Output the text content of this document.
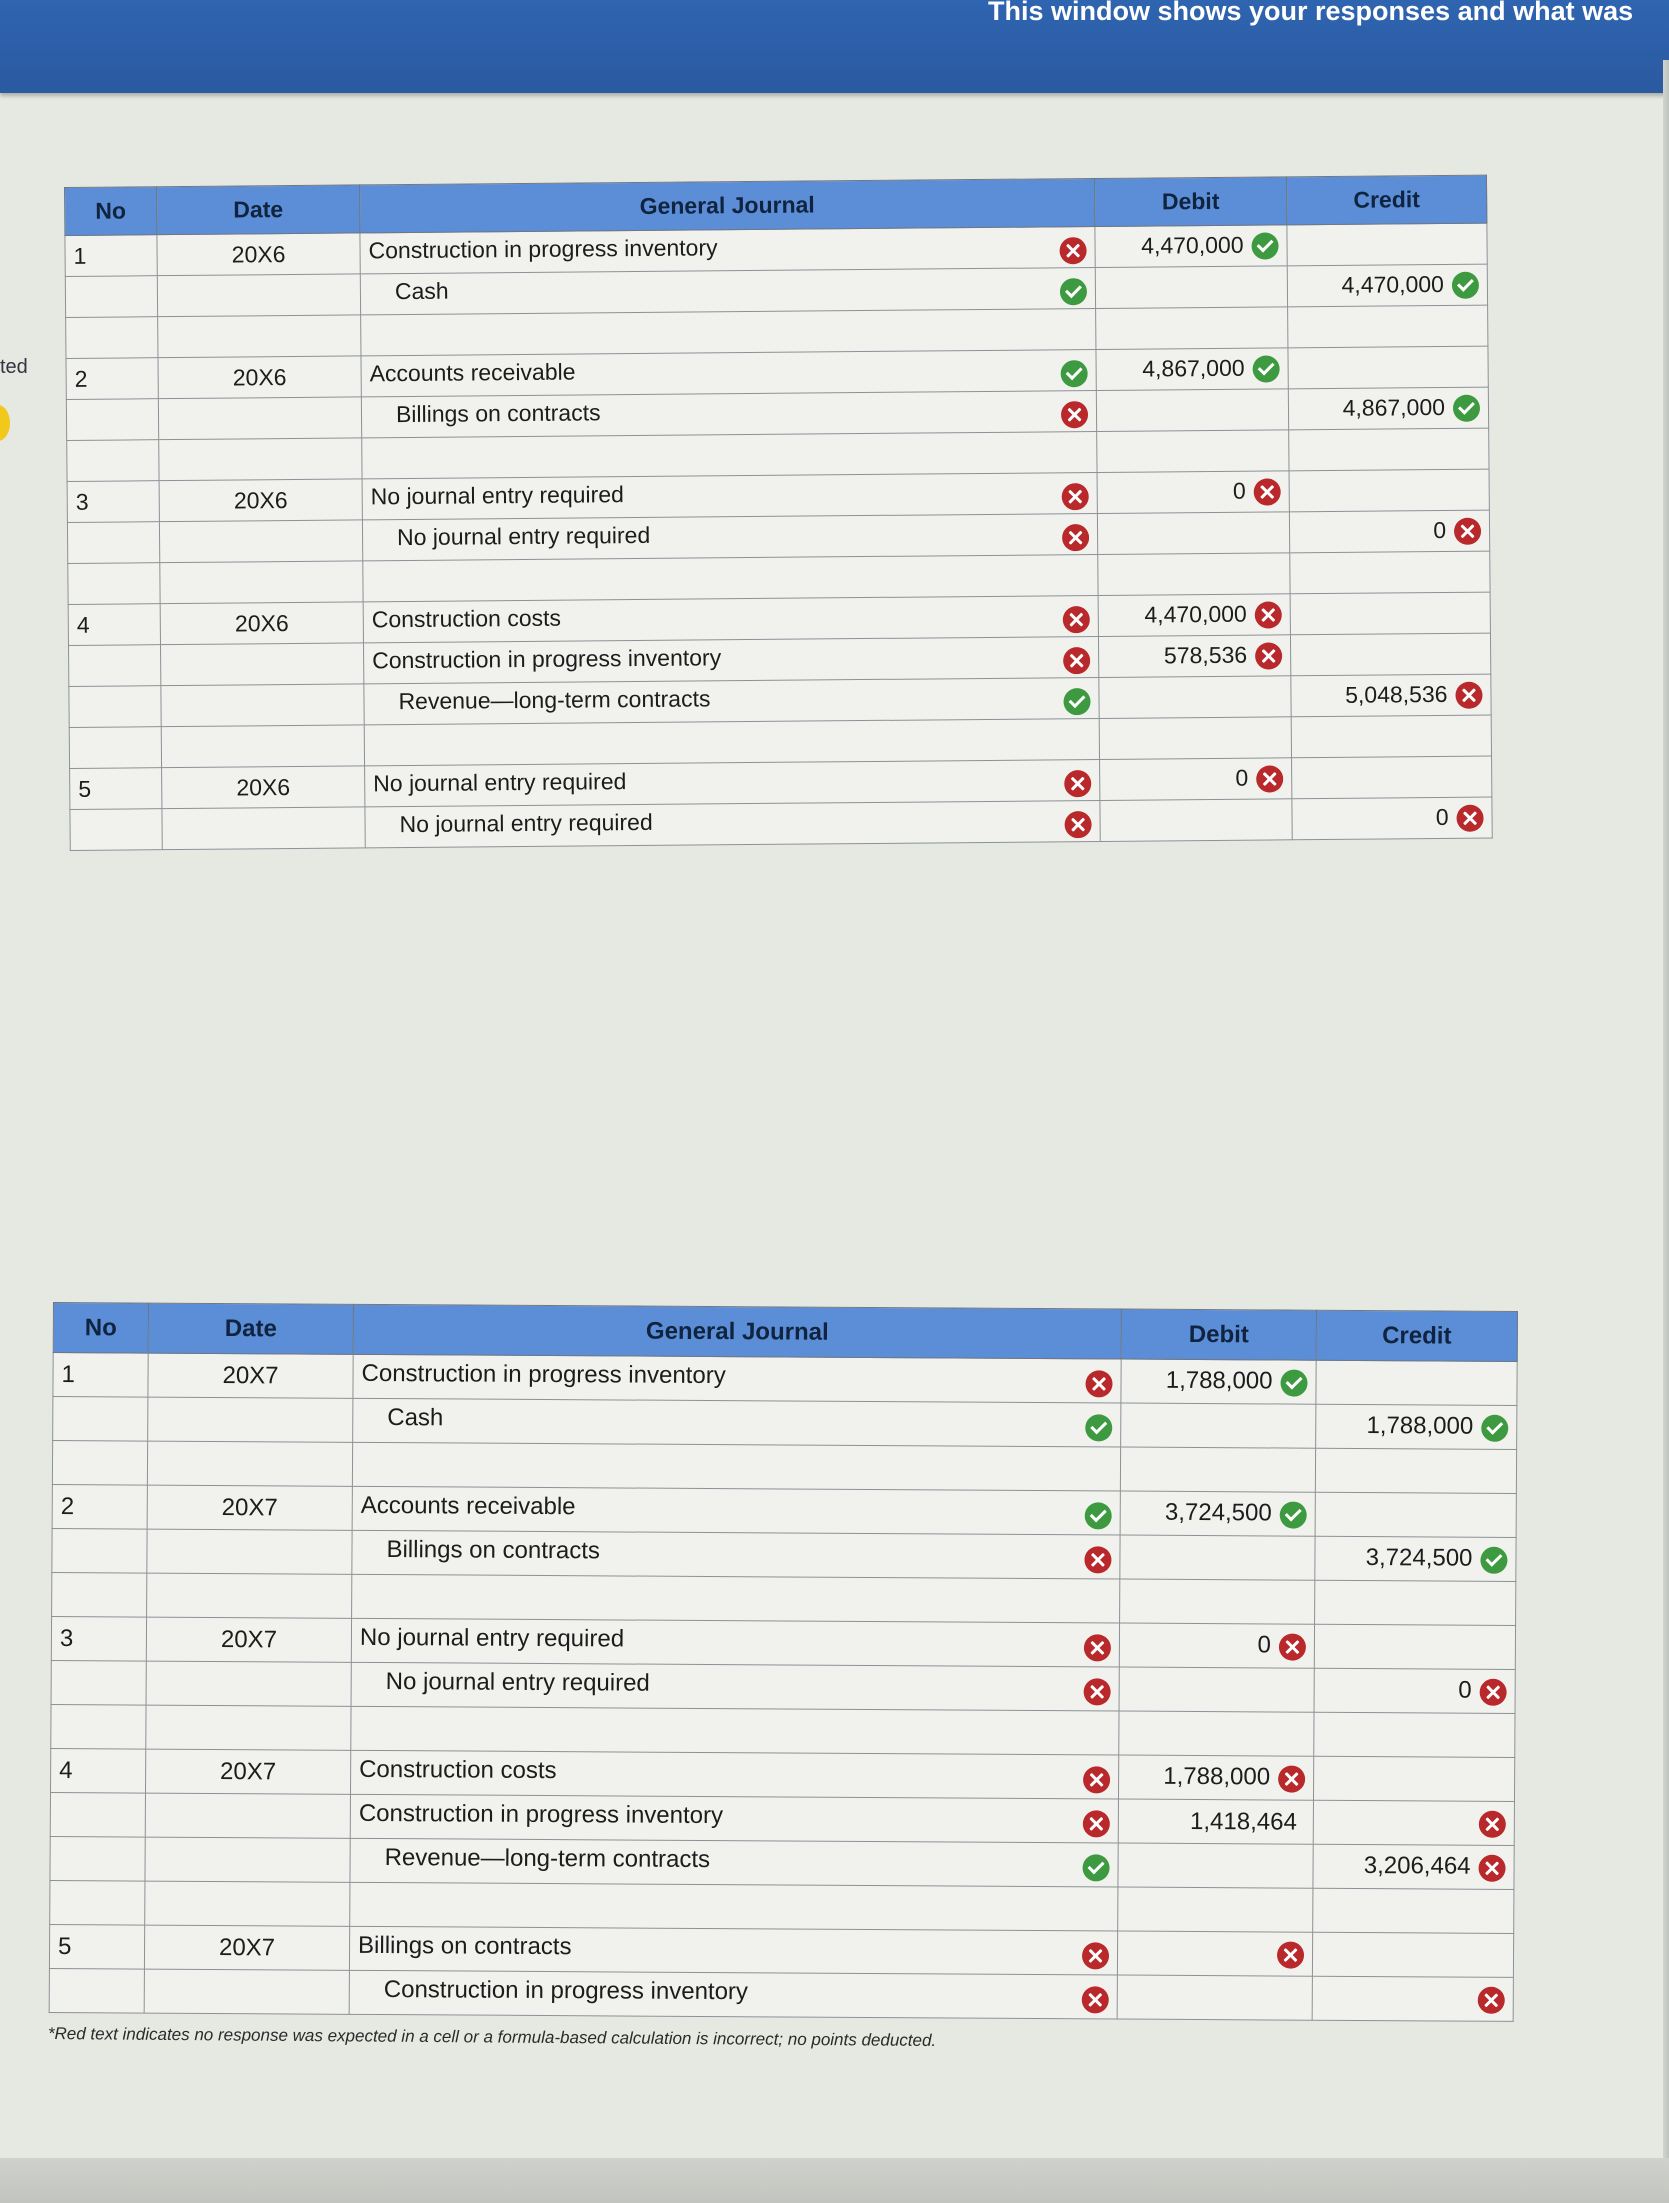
This window shows your responses and what was
ted
No	Date	General Journal	Debit	Credit
1	20X6	Construction in progress inventory	4,470,000	
		Cash		4,470,000

2	20X6	Accounts receivable	4,867,000	
		Billings on contracts		4,867,000

3	20X6	No journal entry required	0	
		No journal entry required		0

4	20X6	Construction costs	4,470,000	
		Construction in progress inventory	578,536	
		Revenue—long-term contracts		5,048,536

5	20X6	No journal entry required	0	
		No journal entry required		0
No	Date	General Journal	Debit	Credit
1	20X7	Construction in progress inventory	1,788,000	
		Cash		1,788,000

2	20X7	Accounts receivable	3,724,500	
		Billings on contracts		3,724,500

3	20X7	No journal entry required	0	
		No journal entry required		0

4	20X7	Construction costs	1,788,000	
		Construction in progress inventory	1,418,464	
		Revenue—long-term contracts		3,206,464

5	20X7	Billings on contracts

		Construction in progress inventory

*Red text indicates no response was expected in a cell or a formula-based calculation is incorrect; no points deducted.
